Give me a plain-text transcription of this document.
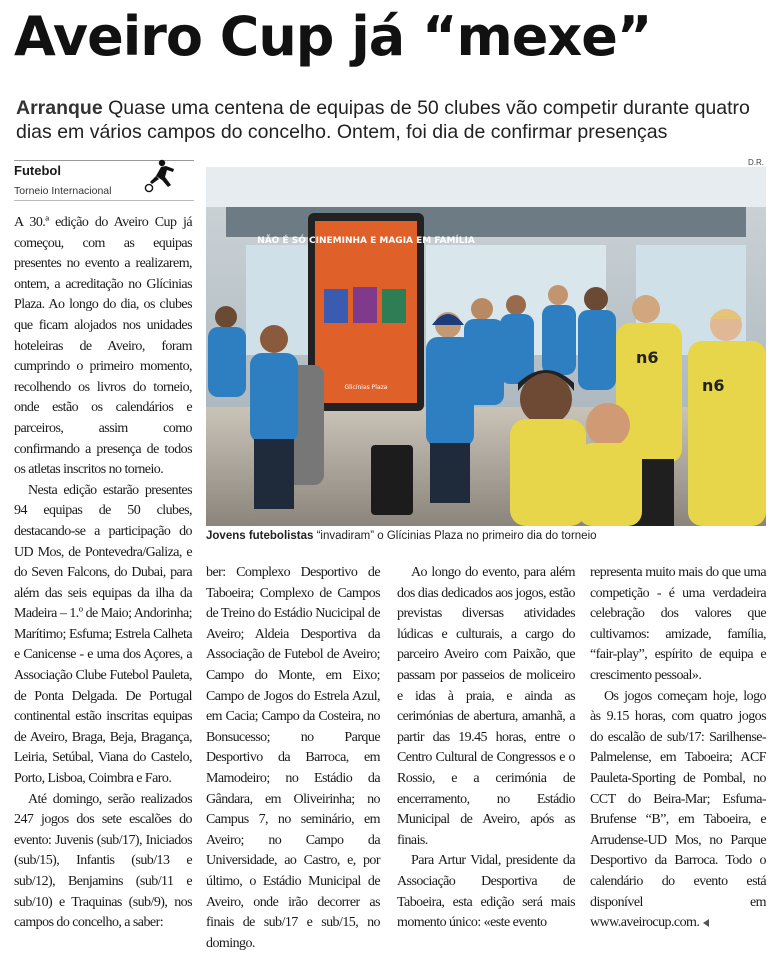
Aveiro Cup já “mexe”
Arranque Quase uma centena de equipas de 50 clubes vão competir durante quatro dias em vários campos do concelho. Ontem, foi dia de confirmar presenças
Futebol
Torneio Internacional
D.R.
NÃO É SÓ CINEMINHA E MAGIA EM FAMÍLIA
Glicínias Plaza
n6
n6
Jovens futebolistas “invadiram” o Glícinias Plaza no primeiro dia do torneio

A 30.ª edição do Aveiro Cup já começou, com as equipas presentes no evento a realizarem, ontem, a acreditação no Glícinias Plaza. Ao longo do dia, os clubes que ficam alojados nos unidades hoteleiras de Aveiro, foram cumprindo o primeiro momento, recolhendo os livros do torneio, onde estão os calendários e parceiros, assim como confirmando a presença de todos os atletas inscritos no torneio.

Nesta edição estarão presentes 94 equipas de 50 clubes, destacando-se a participação do UD Mos, de Pontevedra/Galiza, e do Seven Falcons, do Dubai, para além das seis equipas da ilha da Madeira – 1.º de Maio; Andorinha; Marítimo; Esfuma; Estrela Calheta e Canicense - e uma dos Açores, a Associação Clube Futebol Pauleta, de Ponta Delgada. De Portugal continental estão inscritas equipas de Aveiro, Braga, Beja, Bragança, Leiria, Setúbal, Viana do Castelo, Porto, Lisboa, Coimbra e Faro.

Até domingo, serão realizados 247 jogos dos sete escalões do evento: Juvenis (sub/17), Iniciados (sub/15), Infantis (sub/13 e sub/12), Benjamins (sub/11 e sub/10) e Traquinas (sub/9), nos campos do concelho, a saber:

ber: Complexo Desportivo de Taboeira; Complexo de Campos de Treino do Estádio Nucicipal de Aveiro; Aldeia Desportiva da Associação de Futebol de Aveiro; Campo do Monte, em Eixo; Campo de Jogos do Estrela Azul, em Cacia; Campo da Costeira, no Bonsucesso; no Parque Desportivo da Barroca, em Mamodeiro; no Estádio da Gândara, em Oliveirinha; no Campus 7, no seminário, em Aveiro; no Campo da Universidade, ao Castro, e, por último, o Estádio Municipal de Aveiro, onde irão decorrer as finais de sub/17 e sub/15, no domingo.

Ao longo do evento, para além dos dias dedicados aos jogos, estão previstas diversas atividades lúdicas e culturais, a cargo do parceiro Aveiro com Paixão, que passam por passeios de moliceiro e idas à praia, e ainda as cerimónias de abertura, amanhã, a partir das 19.45 horas, entre o Centro Cultural de Congressos e o Rossio, e a cerimónia de encerramento, no Estádio Municipal de Aveiro, após as finais.

Para Artur Vidal, presidente da Associação Desportiva de Taboeira, esta edição será mais momento único: «este evento

representa muito mais do que uma competição - é uma verdadeira celebração dos valores que cultivamos: amizade, família, “fair-play”, espírito de equipa e crescimento pessoal».

Os jogos começam hoje, logo às 9.15 horas, com quatro jogos do escalão de sub/17: Sarilhense-Palmelense, em Taboeira; ACF Pauleta-Sporting de Pombal, no CCT do Beira-Mar; Esfuma-Brufense “B”, em Taboeira, e Arrudense-UD Mos, no Parque Desportivo da Barroca. Todo o calendário do evento está disponível em www.aveirocup.com.
